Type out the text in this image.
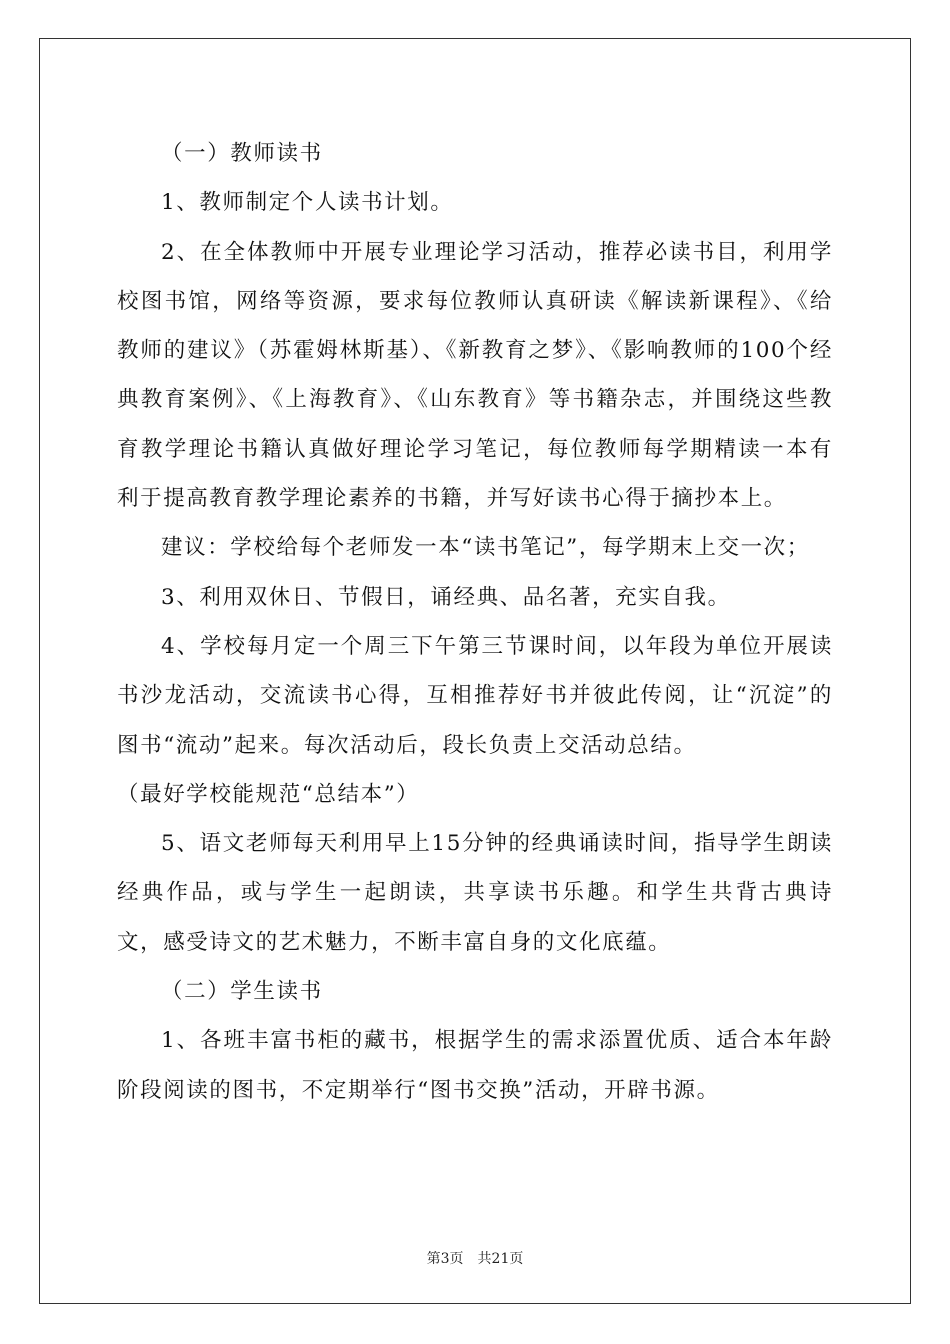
（一）教师读书

1、教师制定个人读书计划。

2、在全体教师中开展专业理论学习活动，推荐必读书目，利用学校图书馆，网络等资源，要求每位教师认真研读《解读新课程》、《给教师的建议》（苏霍姆林斯基）、《新教育之梦》、《影响教师的100个经典教育案例》、《上海教育》、《山东教育》等书籍杂志，并围绕这些教育教学理论书籍认真做好理论学习笔记，每位教师每学期精读一本有利于提高教育教学理论素养的书籍，并写好读书心得于摘抄本上。

建议：学校给每个老师发一本“读书笔记”，每学期末上交一次；

3、利用双休日、节假日，诵经典、品名著，充实自我。

4、学校每月定一个周三下午第三节课时间，以年段为单位开展读书沙龙活动，交流读书心得，互相推荐好书并彼此传阅，让“沉淀”的图书“流动”起来。每次活动后，段长负责上交活动总结。

（最好学校能规范“总结本”）

5、语文老师每天利用早上15分钟的经典诵读时间，指导学生朗读经典作品，或与学生一起朗读，共享读书乐趣。和学生共背古典诗文，感受诗文的艺术魅力，不断丰富自身的文化底蕴。

（二）学生读书

1、各班丰富书柜的藏书，根据学生的需求添置优质、适合本年龄阶段阅读的图书，不定期举行“图书交换”活动，开辟书源。

第3页 共21页
